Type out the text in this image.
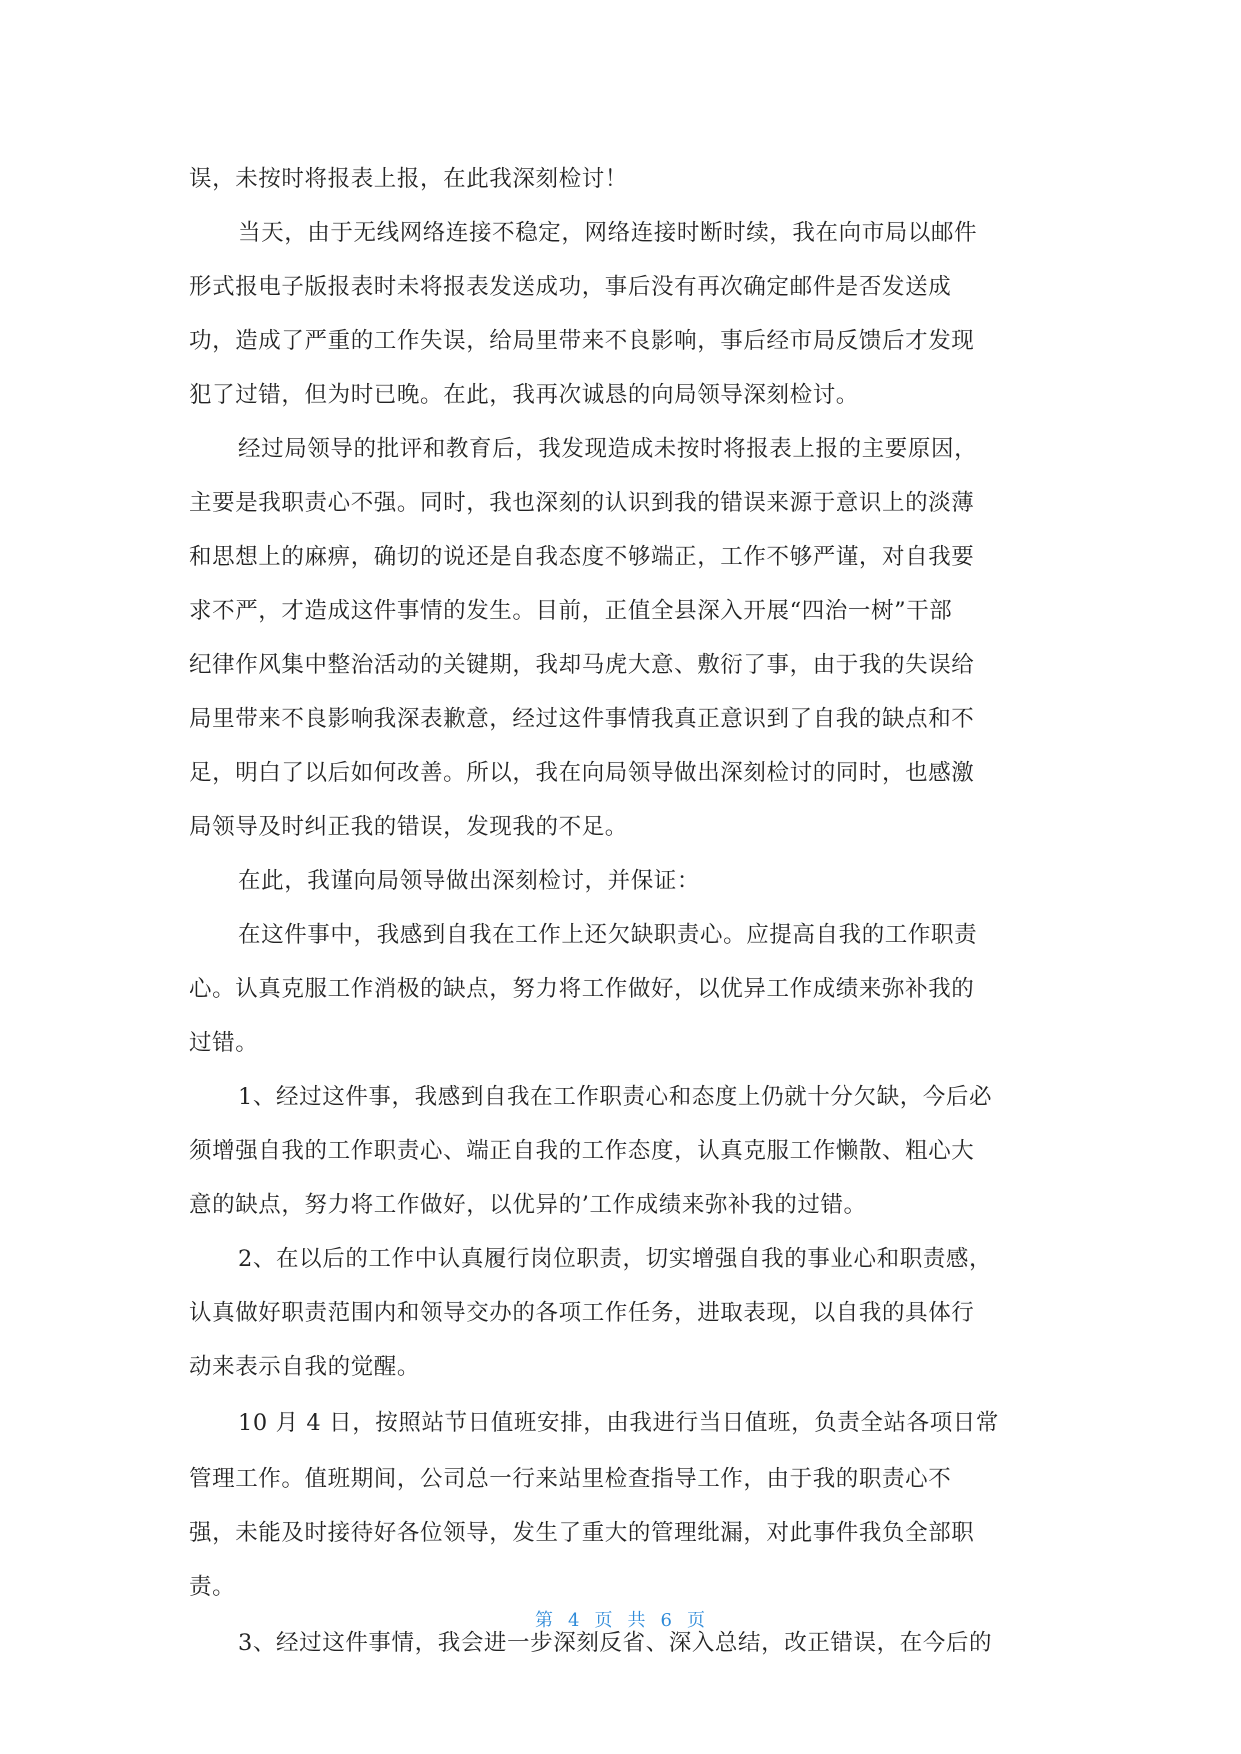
误，未按时将报表上报，在此我深刻检讨！
当天，由于无线网络连接不稳定，网络连接时断时续，我在向市局以邮件
形式报电子版报表时未将报表发送成功，事后没有再次确定邮件是否发送成
功，造成了严重的工作失误，给局里带来不良影响，事后经市局反馈后才发现
犯了过错，但为时已晚。在此，我再次诚恳的向局领导深刻检讨。
经过局领导的批评和教育后，我发现造成未按时将报表上报的主要原因，
主要是我职责心不强。同时，我也深刻的认识到我的错误来源于意识上的淡薄
和思想上的麻痹，确切的说还是自我态度不够端正，工作不够严谨，对自我要
求不严，才造成这件事情的发生。目前，正值全县深入开展“四治一树”干部
纪律作风集中整治活动的关键期，我却马虎大意、敷衍了事，由于我的失误给
局里带来不良影响我深表歉意，经过这件事情我真正意识到了自我的缺点和不
足，明白了以后如何改善。所以，我在向局领导做出深刻检讨的同时，也感激
局领导及时纠正我的错误，发现我的不足。
在此，我谨向局领导做出深刻检讨，并保证：
在这件事中，我感到自我在工作上还欠缺职责心。应提高自我的工作职责
心。认真克服工作消极的缺点，努力将工作做好，以优异工作成绩来弥补我的
过错。
1、经过这件事，我感到自我在工作职责心和态度上仍就十分欠缺，今后必
须增强自我的工作职责心、端正自我的工作态度，认真克服工作懒散、粗心大
意的缺点，努力将工作做好，以优异的’工作成绩来弥补我的过错。
2、在以后的工作中认真履行岗位职责，切实增强自我的事业心和职责感，
认真做好职责范围内和领导交办的各项工作任务，进取表现，以自我的具体行
动来表示自我的觉醒。
10 月 4 日，按照站节日值班安排，由我进行当日值班，负责全站各项日常
管理工作。值班期间，公司总一行来站里检查指导工作，由于我的职责心不
强，未能及时接待好各位领导，发生了重大的管理纰漏，对此事件我负全部职
责。
3、经过这件事情，我会进一步深刻反省、深入总结，改正错误，在今后的
第 4 页 共 6 页
